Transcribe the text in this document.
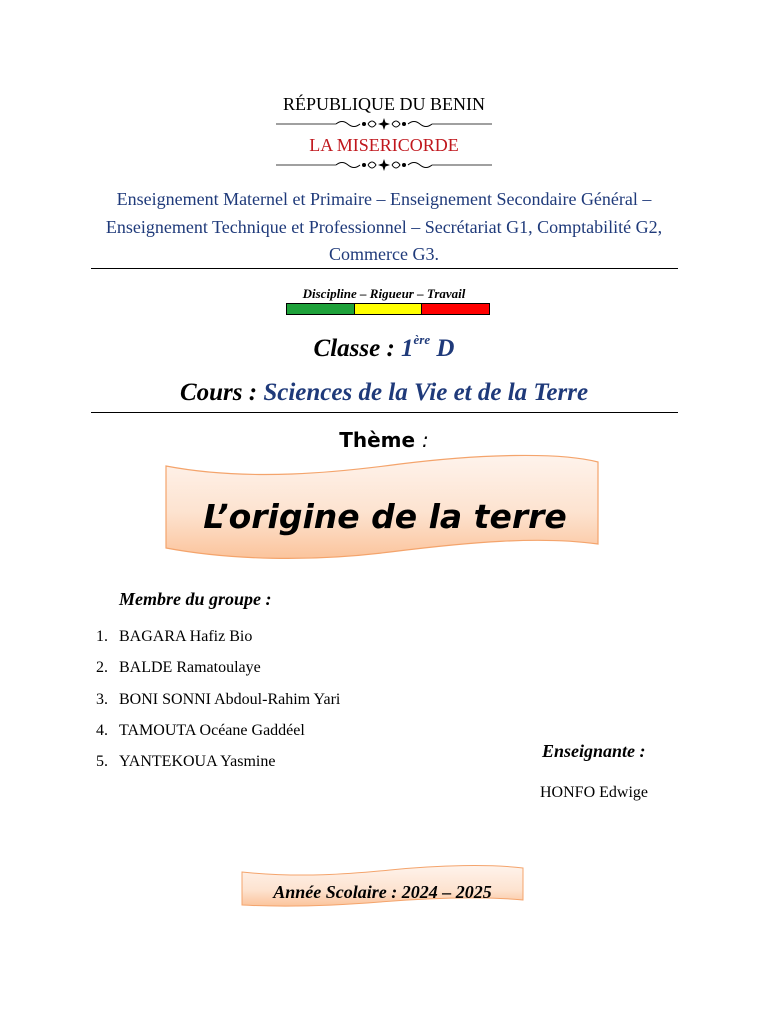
RÉPUBLIQUE DU BENIN
LA MISERICORDE
Enseignement Maternel et Primaire – Enseignement Secondaire Général – Enseignement Technique et Professionnel – Secrétariat G1, Comptabilité G2, Commerce G3.
Discipline – Rigueur – Travail
Classe : 1ère D
Cours : Sciences de la Vie et de la Terre
Thème :
L’origine de la terre
Membre du groupe :
1. BAGARA Hafiz Bio
2. BALDE Ramatoulaye
3. BONI SONNI Abdoul-Rahim Yari
4. TAMOUTA Océane Gaddéel
5. YANTEKOUA Yasmine
Enseignante :
HONFO Edwige
Année Scolaire : 2024 – 2025
